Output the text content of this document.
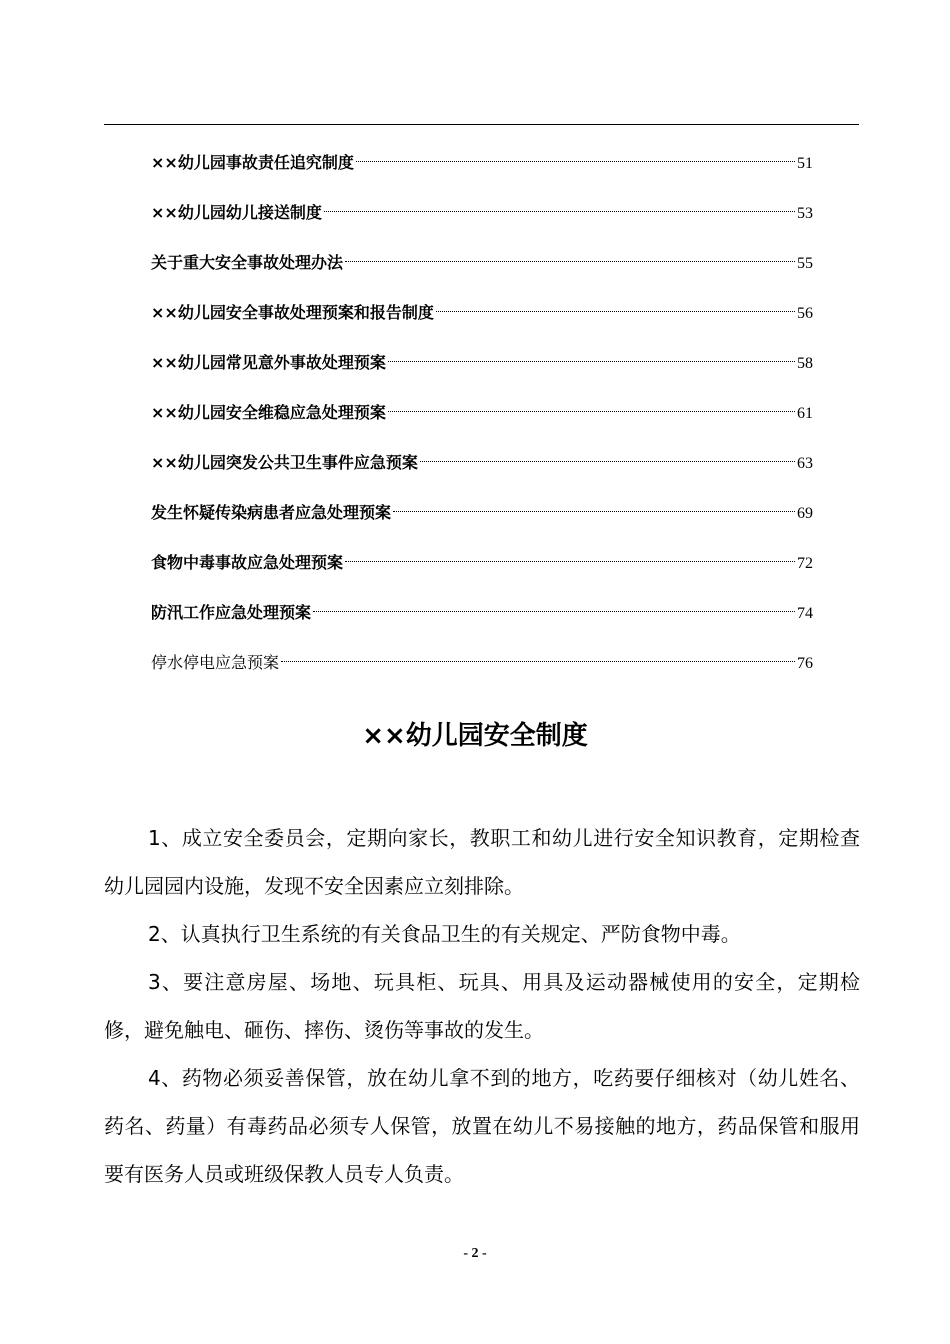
××幼儿园事故责任追究制度	51
××幼儿园幼儿接送制度	53
关于重大安全事故处理办法	55
××幼儿园安全事故处理预案和报告制度	56
××幼儿园常见意外事故处理预案	58
××幼儿园安全维稳应急处理预案	61
××幼儿园突发公共卫生事件应急预案	63
发生怀疑传染病患者应急处理预案	69
食物中毒事故应急处理预案	72
防汛工作应急处理预案	74
停水停电应急预案	76
××幼儿园安全制度

1、成立安全委员会，定期向家长，教职工和幼儿进行安全知识教育，定期检查幼儿园园内设施，发现不安全因素应立刻排除。

2、认真执行卫生系统的有关食品卫生的有关规定、严防食物中毒。

3、要注意房屋、场地、玩具柜、玩具、用具及运动器械使用的安全，定期检修，避免触电、砸伤、摔伤、烫伤等事故的发生。

4、药物必须妥善保管，放在幼儿拿不到的地方，吃药要仔细核对（幼儿姓名、药名、药量）有毒药品必须专人保管，放置在幼儿不易接触的地方，药品保管和服用要有医务人员或班级保教人员专人负责。

- 2 -
